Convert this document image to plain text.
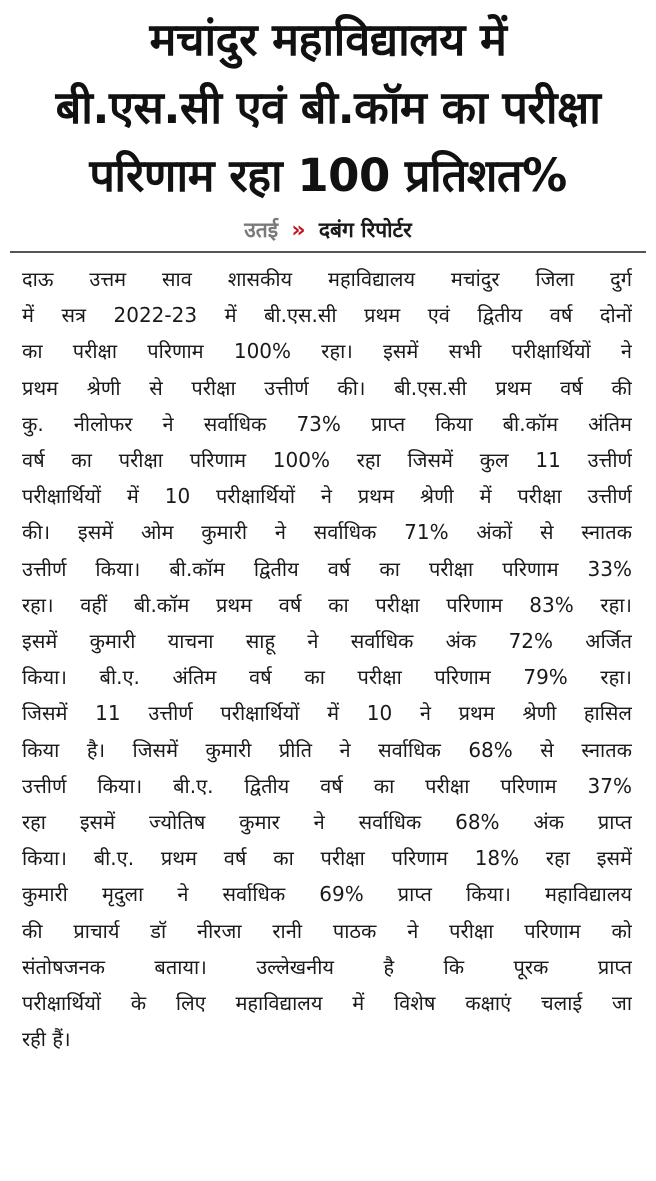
मचांदुर महाविद्यालय में
बी.एस.सी एवं बी.कॉम का परीक्षा
परिणाम रहा 100 प्रतिशत%
उतई » दबंग रिपोर्टर
दाऊ उत्तम साव शासकीय महाविद्यालय मचांदुर जिला दुर्ग
में सत्र 2022-23 में बी.एस.सी प्रथम एवं द्वितीय वर्ष दोनों
का परीक्षा परिणाम 100% रहा। इसमें सभी परीक्षार्थियों ने
प्रथम श्रेणी से परीक्षा उत्तीर्ण की। बी.एस.सी प्रथम वर्ष की
कु. नीलोफर ने सर्वाधिक 73% प्राप्त किया बी.कॉम अंतिम
वर्ष का परीक्षा परिणाम 100% रहा जिसमें कुल 11 उत्तीर्ण
परीक्षार्थियों में 10 परीक्षार्थियों ने प्रथम श्रेणी में परीक्षा उत्तीर्ण
की। इसमें ओम कुमारी ने सर्वाधिक 71% अंकों से स्नातक
उत्तीर्ण किया। बी.कॉम द्वितीय वर्ष का परीक्षा परिणाम 33%
रहा। वहीं बी.कॉम प्रथम वर्ष का परीक्षा परिणाम 83% रहा।
इसमें कुमारी याचना साहू ने सर्वाधिक अंक 72% अर्जित
किया। बी.ए. अंतिम वर्ष का परीक्षा परिणाम 79% रहा।
जिसमें 11 उत्तीर्ण परीक्षार्थियों में 10 ने प्रथम श्रेणी हासिल
किया है। जिसमें कुमारी प्रीति ने सर्वाधिक 68% से स्नातक
उत्तीर्ण किया। बी.ए. द्वितीय वर्ष का परीक्षा परिणाम 37%
रहा इसमें ज्योतिष कुमार ने सर्वाधिक 68% अंक प्राप्त
किया। बी.ए. प्रथम वर्ष का परीक्षा परिणाम 18% रहा इसमें
कुमारी मृदुला ने सर्वाधिक 69% प्राप्त किया। महाविद्यालय
की प्राचार्य डॉ नीरजा रानी पाठक ने परीक्षा परिणाम को
संतोषजनक बताया। उल्लेखनीय है कि पूरक प्राप्त
परीक्षार्थियों के लिए महाविद्यालय में विशेष कक्षाएं चलाई जा
रही हैं।
